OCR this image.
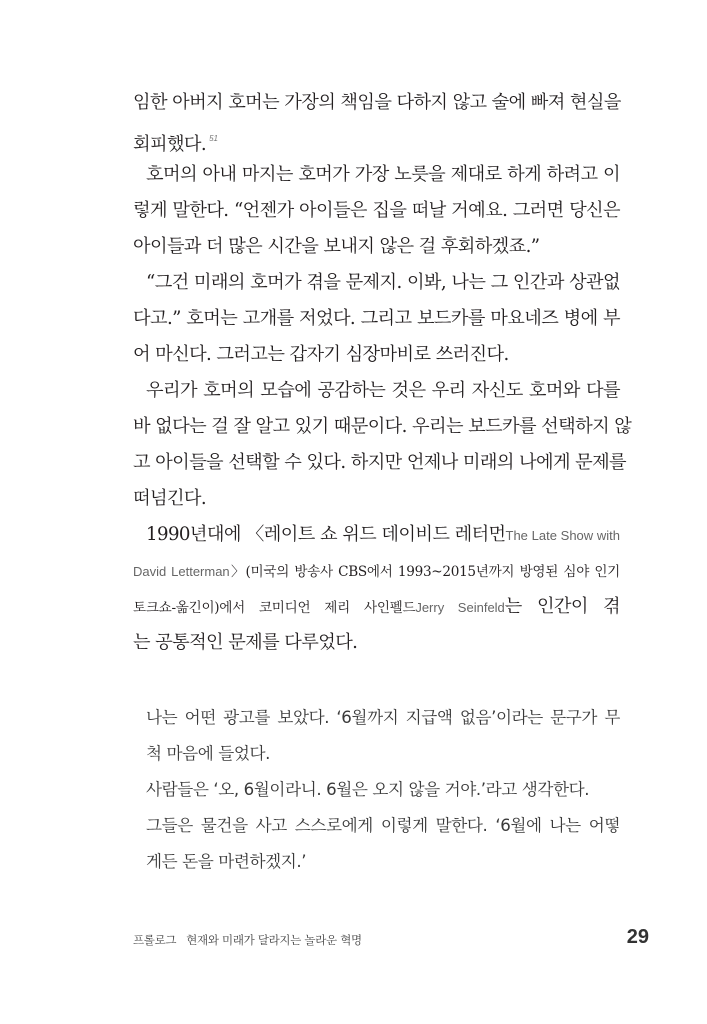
임한 아버지 호머는 가장의 책임을 다하지 않고 술에 빠져 현실을
회피했다. $^{51}$
호머의 아내 마지는 호머가 가장 노릇을 제대로 하게 하려고 이
렇게 말한다. “언젠가 아이들은 집을 떠날 거예요. 그러면 당신은
아이들과 더 많은 시간을 보내지 않은 걸 후회하겠죠.”
“그건 미래의 호머가 겪을 문제지. 이봐, 나는 그 인간과 상관없
다고.” 호머는 고개를 저었다. 그리고 보드카를 마요네즈 병에 부
어 마신다. 그러고는 갑자기 심장마비로 쓰러진다.
우리가 호머의 모습에 공감하는 것은 우리 자신도 호머와 다를
바 없다는 걸 잘 알고 있기 때문이다. 우리는 보드카를 선택하지 않
고 아이들을 선택할 수 있다. 하지만 언제나 미래의 나에게 문제를
떠넘긴다.
1990년대에 〈레이트 쇼 위드 데이비드 레터먼The Late Show with
David Letterman〉(미국의 방송사 CBS에서 1993~2015년까지 방영된 심야 인기
토크쇼-옮긴이)에서 코미디언 제리 사인펠드Jerry Seinfeld는 인간이 겪
는 공통적인 문제를 다루었다.
나는 어떤 광고를 보았다. ‘6월까지 지급액 없음’이라는 문구가 무
척 마음에 들었다.
사람들은 ‘오, 6월이라니. 6월은 오지 않을 거야.’라고 생각한다.
그들은 물건을 사고 스스로에게 이렇게 말한다. ‘6월에 나는 어떻
게든 돈을 마련하겠지.’
프롤로그 현재와 미래가 달라지는 놀라운 혁명	29
